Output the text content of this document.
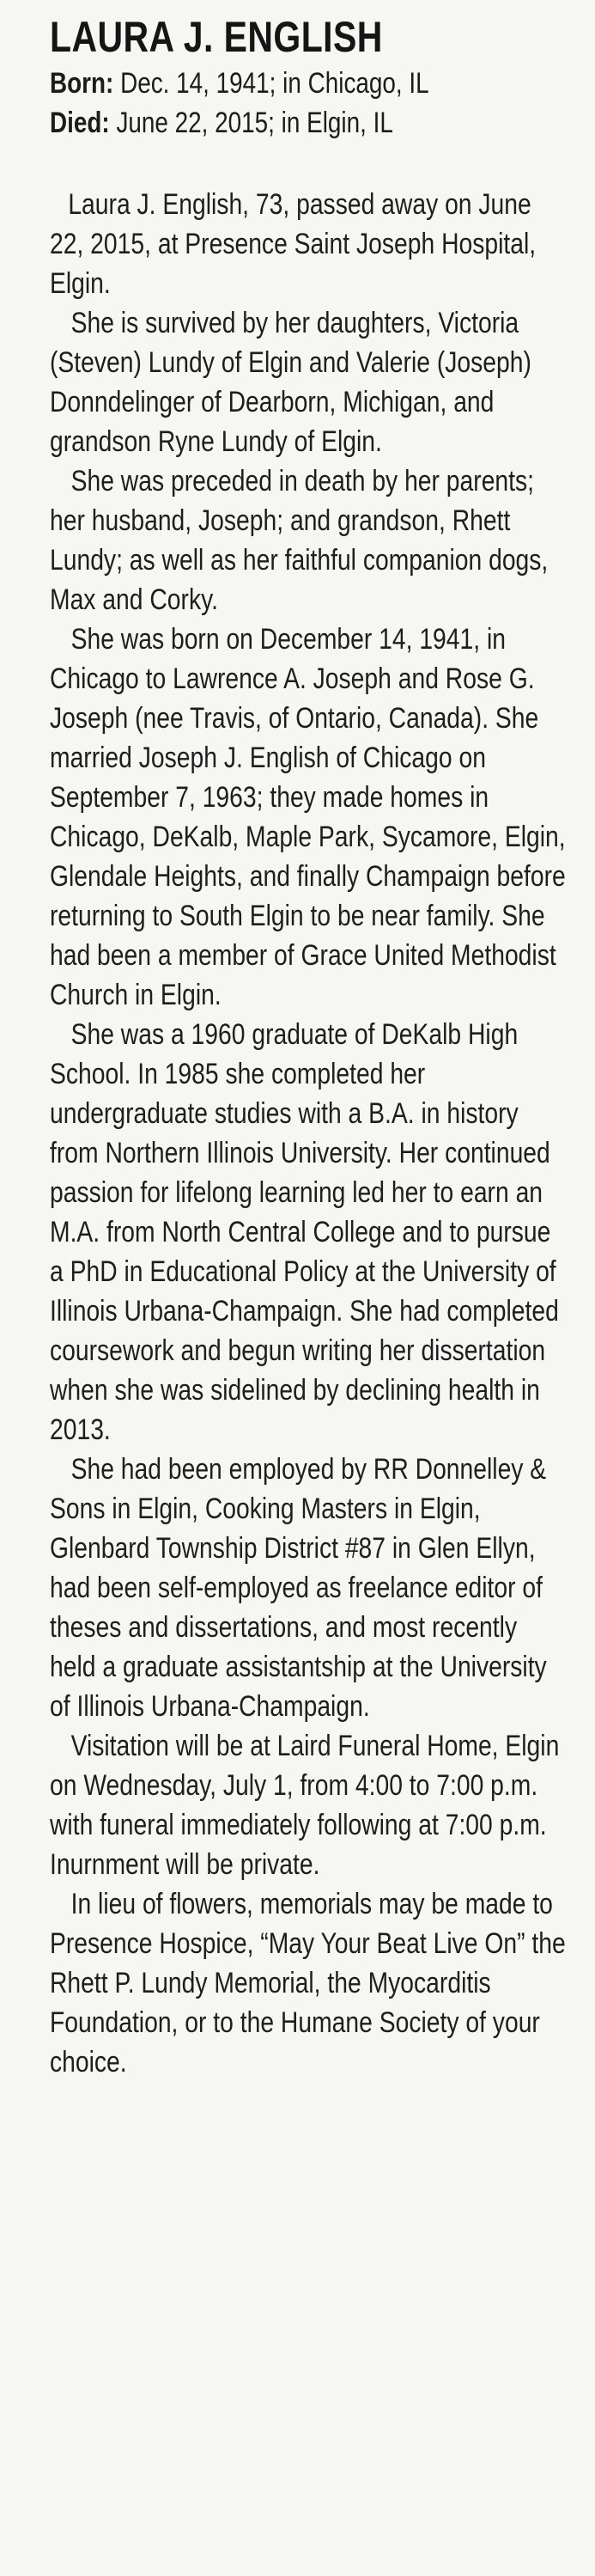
LAURA J. ENGLISH

Born: Dec. 14, 1941; in Chicago, IL

Died: June 22, 2015; in Elgin, IL

Laura J. English, 73, passed away on June 22, 2015, at Presence Saint Joseph Hospital, Elgin.

She is survived by her daughters, Victoria (Steven) Lundy of Elgin and Valerie (Joseph) Donndelinger of Dearborn, Michigan, and grandson Ryne Lundy of Elgin.

She was preceded in death by her parents; her husband, Joseph; and grandson, Rhett Lundy; as well as her faithful companion dogs, Max and Corky.

She was born on December 14, 1941, in Chicago to Lawrence A. Joseph and Rose G. Joseph (nee Travis, of Ontario, Canada). She married Joseph J. English of Chicago on September 7, 1963; they made homes in Chicago, DeKalb, Maple Park, Sycamore, Elgin, Glendale Heights, and finally Champaign before returning to South Elgin to be near family. She had been a member of Grace United Methodist Church in Elgin.

She was a 1960 graduate of DeKalb High School. In 1985 she completed her undergraduate studies with a B.A. in history from Northern Illinois University. Her continued passion for lifelong learning led her to earn an M.A. from North Central College and to pursue a PhD in Educational Policy at the University of Illinois Urbana-Champaign. She had completed coursework and begun writing her dissertation when she was sidelined by declining health in 2013.

She had been employed by RR Donnelley & Sons in Elgin, Cooking Masters in Elgin, Glenbard Township District #87 in Glen Ellyn, had been self-employed as freelance editor of theses and dissertations, and most recently held a graduate assistantship at the University of Illinois Urbana-Champaign.

Visitation will be at Laird Funeral Home, Elgin on Wednesday, July 1, from 4:00 to 7:00 p.m. with funeral immediately following at 7:00 p.m. Inurnment will be private.

In lieu of flowers, memorials may be made to Presence Hospice, “May Your Beat Live On” the Rhett P. Lundy Memorial, the Myocarditis Foundation, or to the Humane Society of your choice.
